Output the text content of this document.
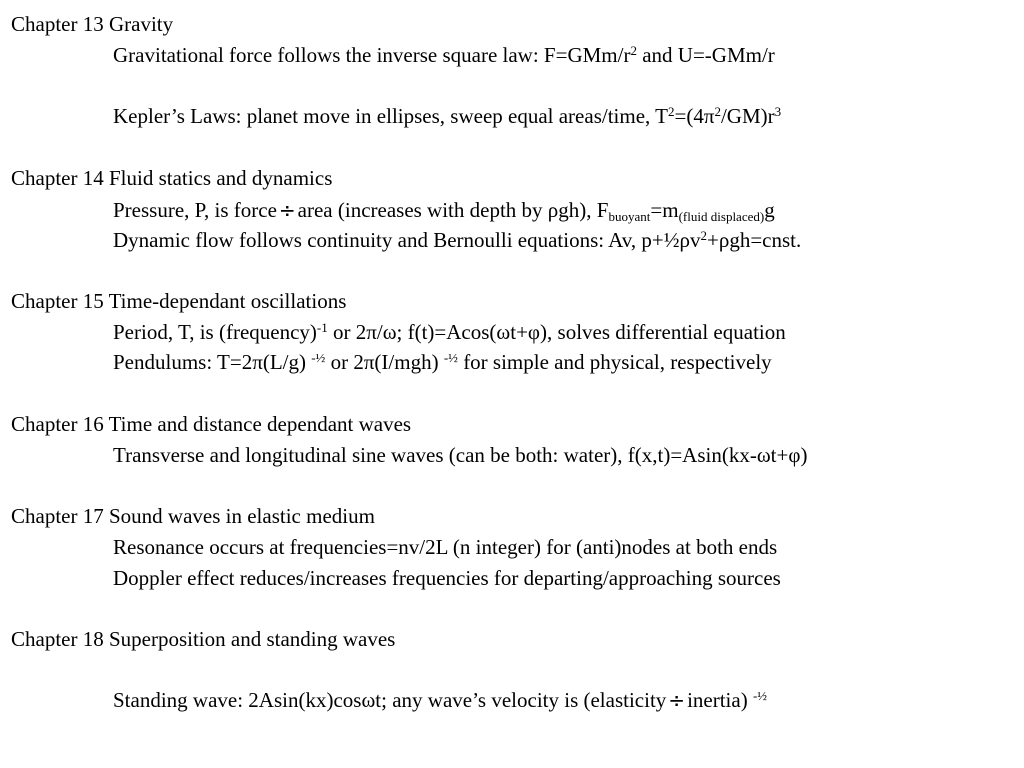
Chapter 13 Gravity
Gravitational force follows the inverse square law: $F=GMm/r^2$ and U=-GMm/r
Kepler’s Laws: planet move in ellipses, sweep equal areas/time, $T^2=(4\pi^2/GM)r^3$
Chapter 14 Fluid statics and dynamics
Pressure, P, is force ÷area (increases with depth by ρgh), $F_{buoyant}=m_{(fluid displaced)}g$
Dynamic flow follows continuity and Bernoulli equations: Av, $p+\frac{1}{2}\rho v^2+\rho gh=cnst$.
Chapter 15 Time-dependant oscillations
Period, T, is (frequency)$^{-1}$ or 2π/ω; f(t)=Acos(ωt+φ), solves differential equation
Pendulums: T=2π(L/g) $^{-\frac{1}{2}}$ or 2π(I/mgh) $^{-\frac{1}{2}}$ for simple and physical, respectively
Chapter 16 Time and distance dependant waves
Transverse and longitudinal sine waves (can be both: water), f(x,t)=Asin(kx-ωt+φ)
Chapter 17 Sound waves in elastic medium
Resonance occurs at frequencies=nv/2L (n integer) for (anti)nodes at both ends
Doppler effect reduces/increases frequencies for departing/approaching sources
Chapter 18 Superposition and standing waves
Standing wave: 2Asin(kx)cosωt; any wave’s velocity is (elasticity ÷inertia) $^{-\frac{1}{2}}$
